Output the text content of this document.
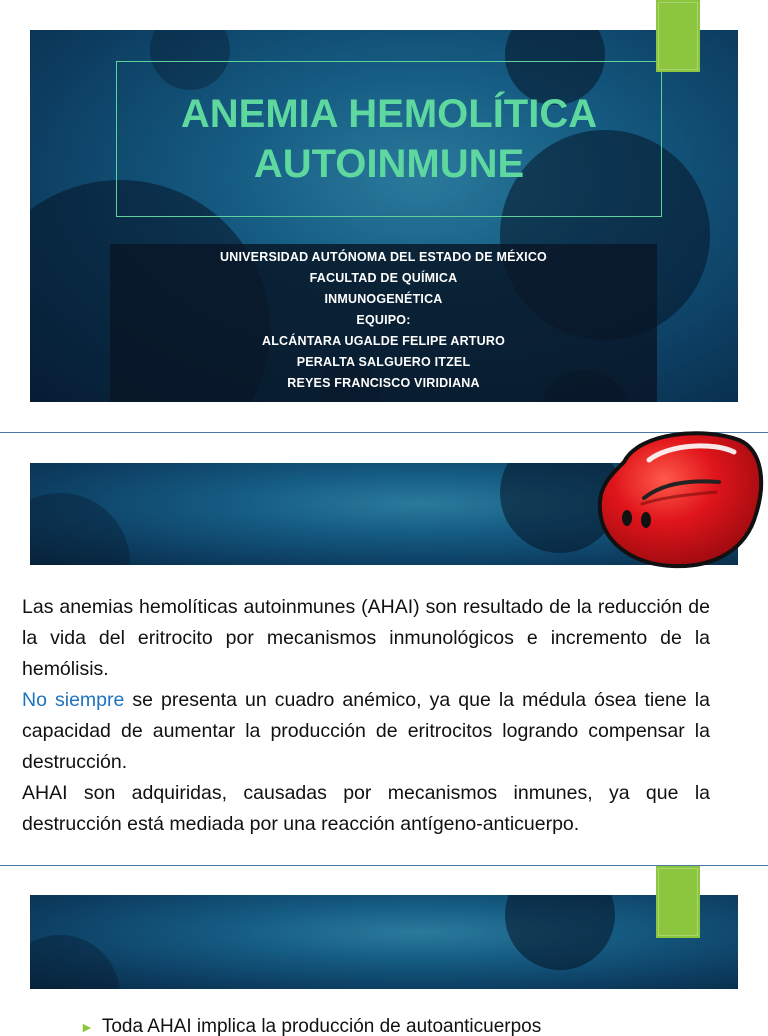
ANEMIA HEMOLÍTICA
AUTOINMUNE
UNIVERSIDAD AUTÓNOMA DEL ESTADO DE MÉXICO
FACULTAD DE QUÍMICA
INMUNOGENÉTICA
EQUIPO:
ALCÁNTARA UGALDE FELIPE ARTURO
PERALTA SALGUERO ITZEL
REYES FRANCISCO VIRIDIANA

Las anemias hemolíticas autoinmunes (AHAI) son resultado de la reducción de la vida del eritrocito por mecanismos inmunológicos e incremento de la hemólisis.

No siempre se presenta un cuadro anémico, ya que la médula ósea tiene la capacidad de aumentar la producción de eritrocitos logrando compensar la destrucción.

AHAI son adquiridas, causadas por mecanismos inmunes, ya que la destrucción está mediada por una reacción antígeno-anticuerpo.

► Toda AHAI implica la producción de autoanticuerpos
